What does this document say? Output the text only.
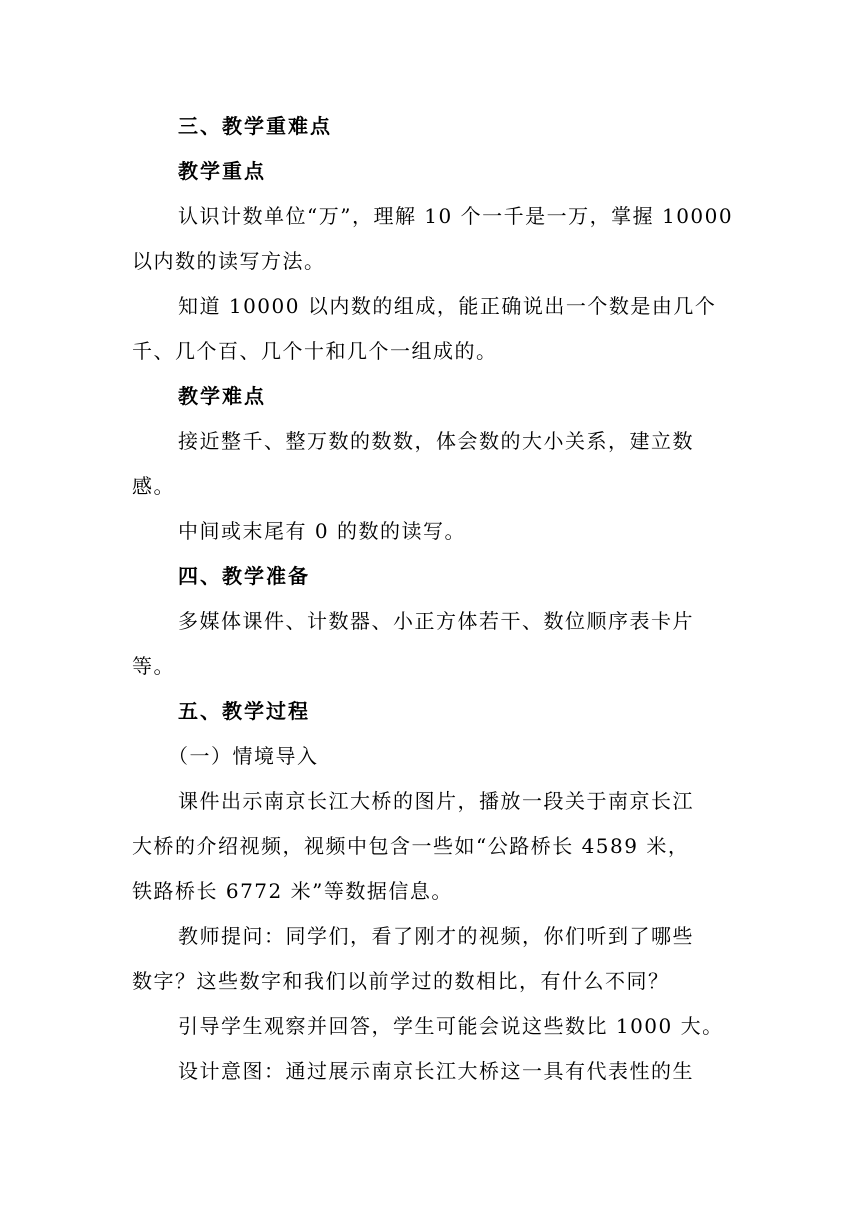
三、教学重难点

教学重点

认识计数单位“万”，理解 10 个一千是一万，掌握 10000
以内数的读写方法。

知道 10000 以内数的组成，能正确说出一个数是由几个
千、几个百、几个十和几个一组成的。

教学难点

接近整千、整万数的数数，体会数的大小关系，建立数
感。

中间或末尾有 0 的数的读写。

四、教学准备

多媒体课件、计数器、小正方体若干、数位顺序表卡片
等。

五、教学过程

（一）情境导入

课件出示南京长江大桥的图片，播放一段关于南京长江
大桥的介绍视频，视频中包含一些如“公路桥长 4589 米，
铁路桥长 6772 米”等数据信息。

教师提问：同学们，看了刚才的视频，你们听到了哪些
数字？这些数字和我们以前学过的数相比，有什么不同？

引导学生观察并回答，学生可能会说这些数比 1000 大。

设计意图：通过展示南京长江大桥这一具有代表性的生
